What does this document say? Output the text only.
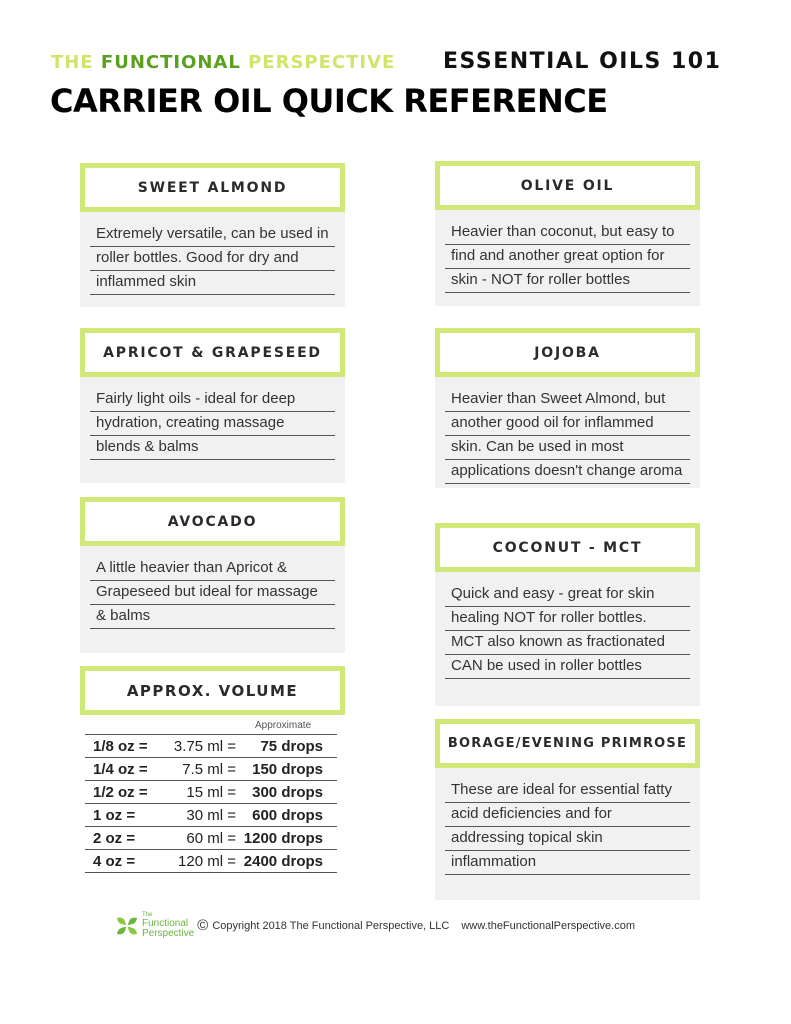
THE FUNCTIONAL PERSPECTIVE ESSENTIAL OILS 101
CARRIER OIL QUICK REFERENCE
SWEET ALMOND
Extremely versatile, can be used in
roller bottles. Good for dry and
inflammed skin
OLIVE OIL
Heavier than coconut, but easy to
find and another great option for
skin - NOT for roller bottles
APRICOT & GRAPESEED
Fairly light oils - ideal for deep
hydration, creating massage
blends & balms
JOJOBA
Heavier than Sweet Almond, but
another good oil for inflammed
skin. Can be used in most
applications doesn't change aroma
AVOCADO
A little heavier than Apricot &
Grapeseed but ideal for massage
& balms
COCONUT - MCT
Quick and easy - great for skin
healing NOT for roller bottles.
MCT also known as fractionated
CAN be used in roller bottles
APPROX. VOLUME
Approximate
1/8 oz =	3.75 ml =	75 drops
1/4 oz =	7.5 ml =	150 drops
1/2 oz =	15 ml =	300 drops
1 oz =	30 ml =	600 drops
2 oz =	60 ml = 1200 drops
4 oz =	120 ml = 2400 drops
BORAGE/EVENING PRIMROSE
These are ideal for essential fatty
acid deficiencies and for
addressing topical skin
inflammation
The
Functional
Perspective © Copyright 2018 The Functional Perspective, LLC www.theFunctionalPerspective.com
